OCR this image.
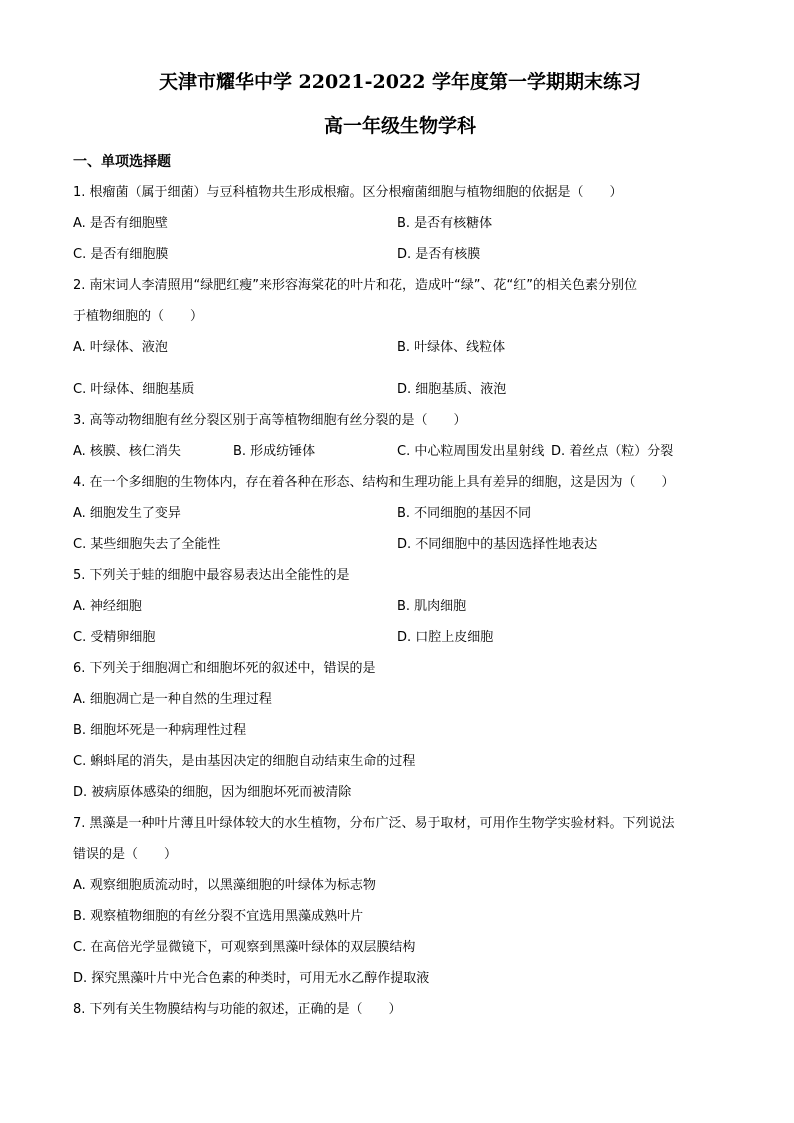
天津市耀华中学 22021-2022 学年度第一学期期末练习
高一年级生物学科
一、单项选择题
1. 根瘤菌（属于细菌）与豆科植物共生形成根瘤。区分根瘤菌细胞与植物细胞的依据是（　　）
A. 是否有细胞壁	B. 是否有核糖体
C. 是否有细胞膜	D. 是否有核膜
2. 南宋词人李清照用“绿肥红瘦”来形容海棠花的叶片和花，造成叶“绿”、花“红”的相关色素分别位
于植物细胞的（　　）
A. 叶绿体、液泡	B. 叶绿体、线粒体
C. 叶绿体、细胞基质	D. 细胞基质、液泡
3. 高等动物细胞有丝分裂区别于高等植物细胞有丝分裂的是（　　）
A. 核膜、核仁消失	B. 形成纺锤体	C. 中心粒周围发出星射线 D. 着丝点（粒）分裂
4. 在一个多细胞的生物体内，存在着各种在形态、结构和生理功能上具有差异的细胞，这是因为（　　）
A. 细胞发生了变异	B. 不同细胞的基因不同
C. 某些细胞失去了全能性	D. 不同细胞中的基因选择性地表达
5. 下列关于蛙的细胞中最容易表达出全能性的是
A. 神经细胞	B. 肌肉细胞
C. 受精卵细胞	D. 口腔上皮细胞
6. 下列关于细胞凋亡和细胞坏死的叙述中，错误的是
A. 细胞凋亡是一种自然的生理过程
B. 细胞坏死是一种病理性过程
C. 蝌蚪尾的消失，是由基因决定的细胞自动结束生命的过程
D. 被病原体感染的细胞，因为细胞坏死而被清除
7. 黑藻是一种叶片薄且叶绿体较大的水生植物，分布广泛、易于取材，可用作生物学实验材料。下列说法
错误的是（　　）
A. 观察细胞质流动时，以黑藻细胞的叶绿体为标志物
B. 观察植物细胞的有丝分裂不宜选用黑藻成熟叶片
C. 在高倍光学显微镜下，可观察到黑藻叶绿体的双层膜结构
D. 探究黑藻叶片中光合色素的种类时，可用无水乙醇作提取液
8. 下列有关生物膜结构与功能的叙述，正确的是（　　）
